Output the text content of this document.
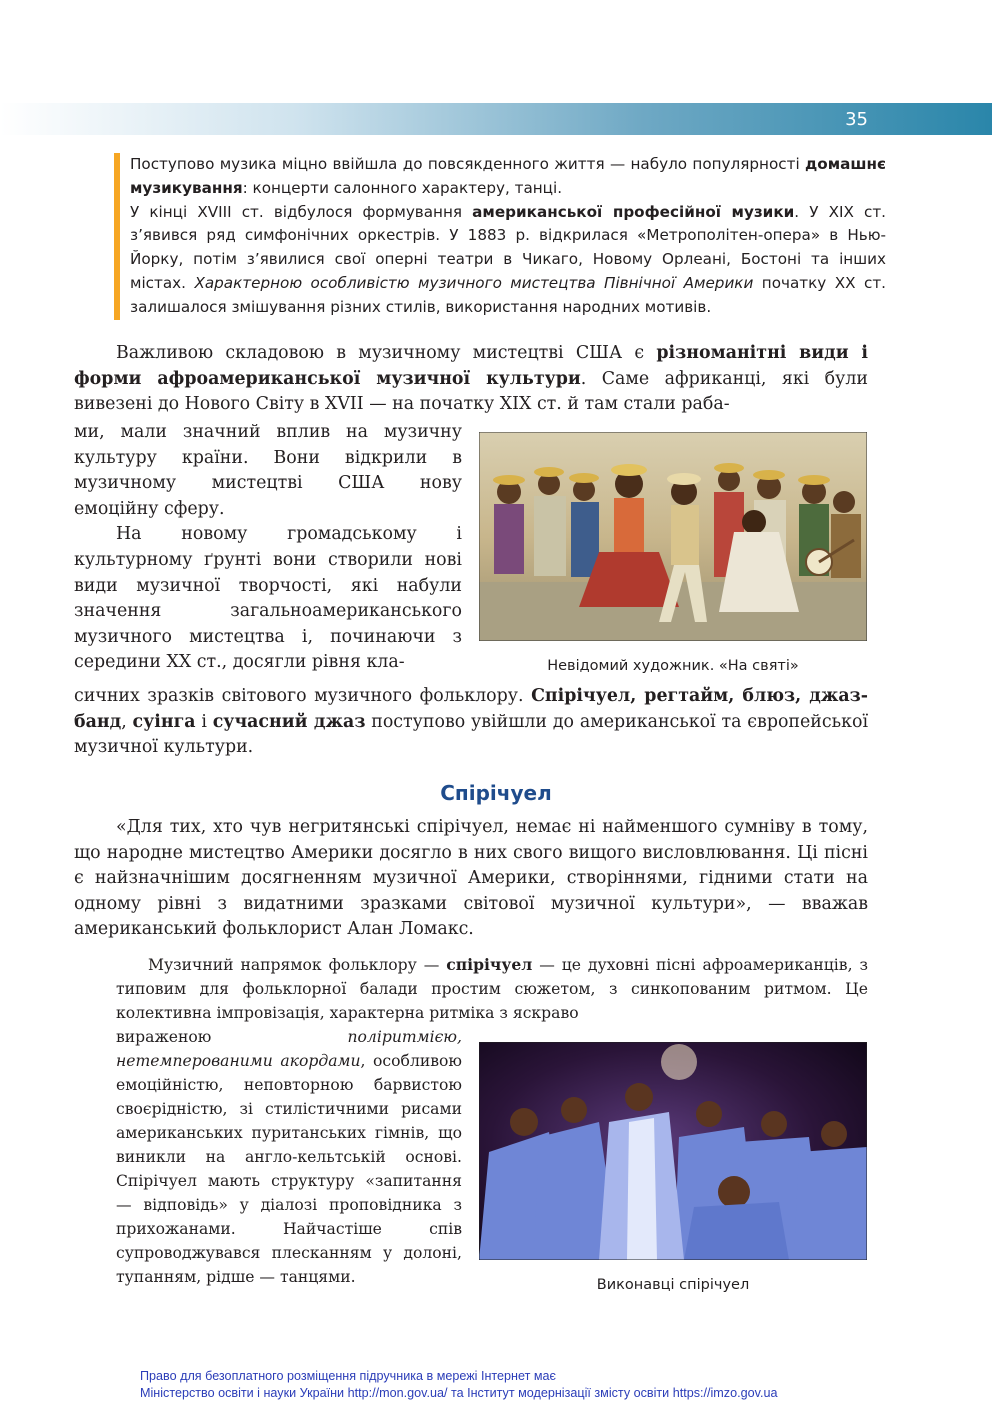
35

Поступово музика міцно ввійшла до повсякденного життя — набуло популярності домашнє музикування: концерти салонного характеру, танці.

У кінці XVIII ст. відбулося формування американської професійної музики. У XIX ст. з’явився ряд симфонічних оркестрів. У 1883 р. відкрилася «Метрополітен-опера» в Нью-Йорку, потім з’явилися свої оперні театри в Чикаго, Новому Орлеані, Бостоні та інших містах. Характерною особливістю музичного мистецтва Північної Америки початку XX ст. залишалося змішування різних стилів, використання народних мотивів.

Важливою складовою в музичному мистецтві США є різноманітні види і форми афроамериканської музичної культури. Саме африканці, які були вивезені до Нового Світу в XVII — на початку XIX ст. й там стали раба-

ми, мали значний вплив на музичну культуру країни. Вони відкрили в музичному мистецтві США нову емоційну сферу.

На новому громадському і культурному ґрунті вони створили нові види музичної творчості, які набули значення загальноамериканського музичного мистецтва і, починаючи з середини XX ст., досягли рівня кла-	Невідомий художник. «На святі»

сичних зразків світового музичного фольклору. Спірічуел, регтайм, блюз, джаз-банд, суінга і сучасний джаз поступово увійшли до американської та європейської музичної культури.

Спірічуел

«Для тих, хто чув негритянські спірічуел, немає ні найменшого сумніву в тому, що народне мистецтво Америки досягло в них свого вищого висловлювання. Ці пісні є найзначнішим досягненням музичної Америки, створіннями, гідними стати на одному рівні з видатними зразками світової музичної культури», — вважав американський фольклорист Алан Ломакс.

Музичний напрямок фольклору — спірічуел — це духовні пісні афроамериканців, з типовим для фольклорної балади простим сюжетом, з синкопованим ритмом. Це колективна імпровізація, характерна ритміка з яскраво

вираженою поліритмією, нетемперованими акордами, особливою емоційністю, неповторною барвистою своєрідністю, зі стилістичними рисами американських пуританських гімнів, що виникли на англо-кельтській основі. Спірічуел мають структуру «запитання — відповідь» у діалозі проповідника з прихожанами. Найчастіше спів супроводжувався плесканням у долоні, тупанням, рідше — танцями.	Виконавці спірічуел
Право для безоплатного розміщення підручника в мережі Інтернет має
Міністерство освіти і науки України http://mon.gov.ua/ та Інститут модернізації змісту освіти https://imzo.gov.ua
